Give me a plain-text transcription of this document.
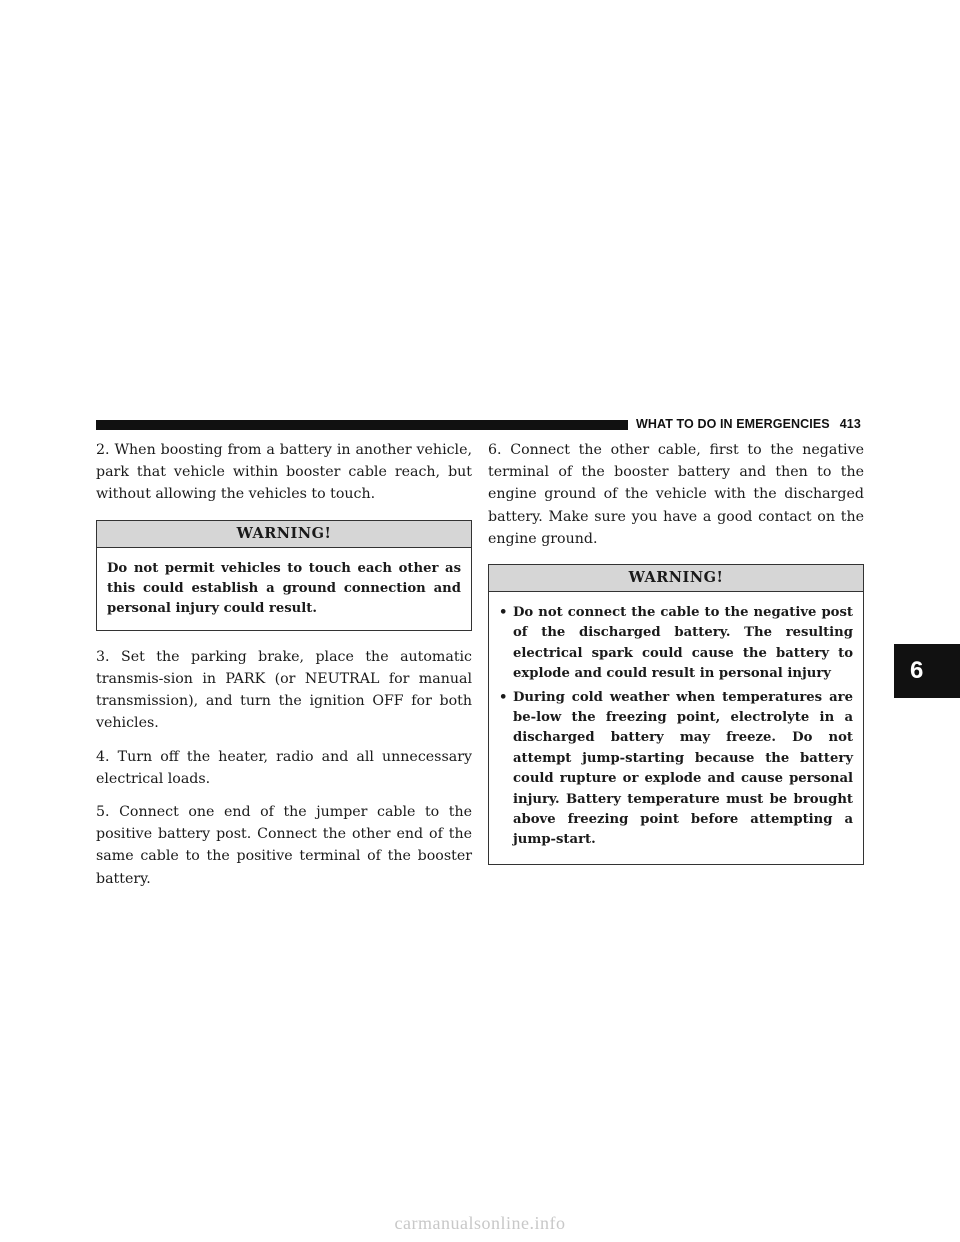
WHAT TO DO IN EMERGENCIES 413

2. When boosting from a battery in another vehicle, park that vehicle within booster cable reach, but without allowing the vehicles to touch.

WARNING!
Do not permit vehicles to touch each other as this could establish a ground connection and personal injury could result.

3. Set the parking brake, place the automatic transmis-sion in PARK (or NEUTRAL for manual transmission), and turn the ignition OFF for both vehicles.

4. Turn off the heater, radio and all unnecessary electrical loads.

5. Connect one end of the jumper cable to the positive battery post. Connect the other end of the same cable to the positive terminal of the booster battery.

6. Connect the other cable, first to the negative terminal of the booster battery and then to the engine ground of the vehicle with the discharged battery. Make sure you have a good contact on the engine ground.

WARNING!
• Do not connect the cable to the negative post of the discharged battery. The resulting electrical spark could cause the battery to explode and could result in personal injury
• During cold weather when temperatures are be-low the freezing point, electrolyte in a discharged battery may freeze. Do not attempt jump-starting because the battery could rupture or explode and cause personal injury. Battery temperature must be brought above freezing point before attempting a jump-start.
6
carmanualsonline.info
